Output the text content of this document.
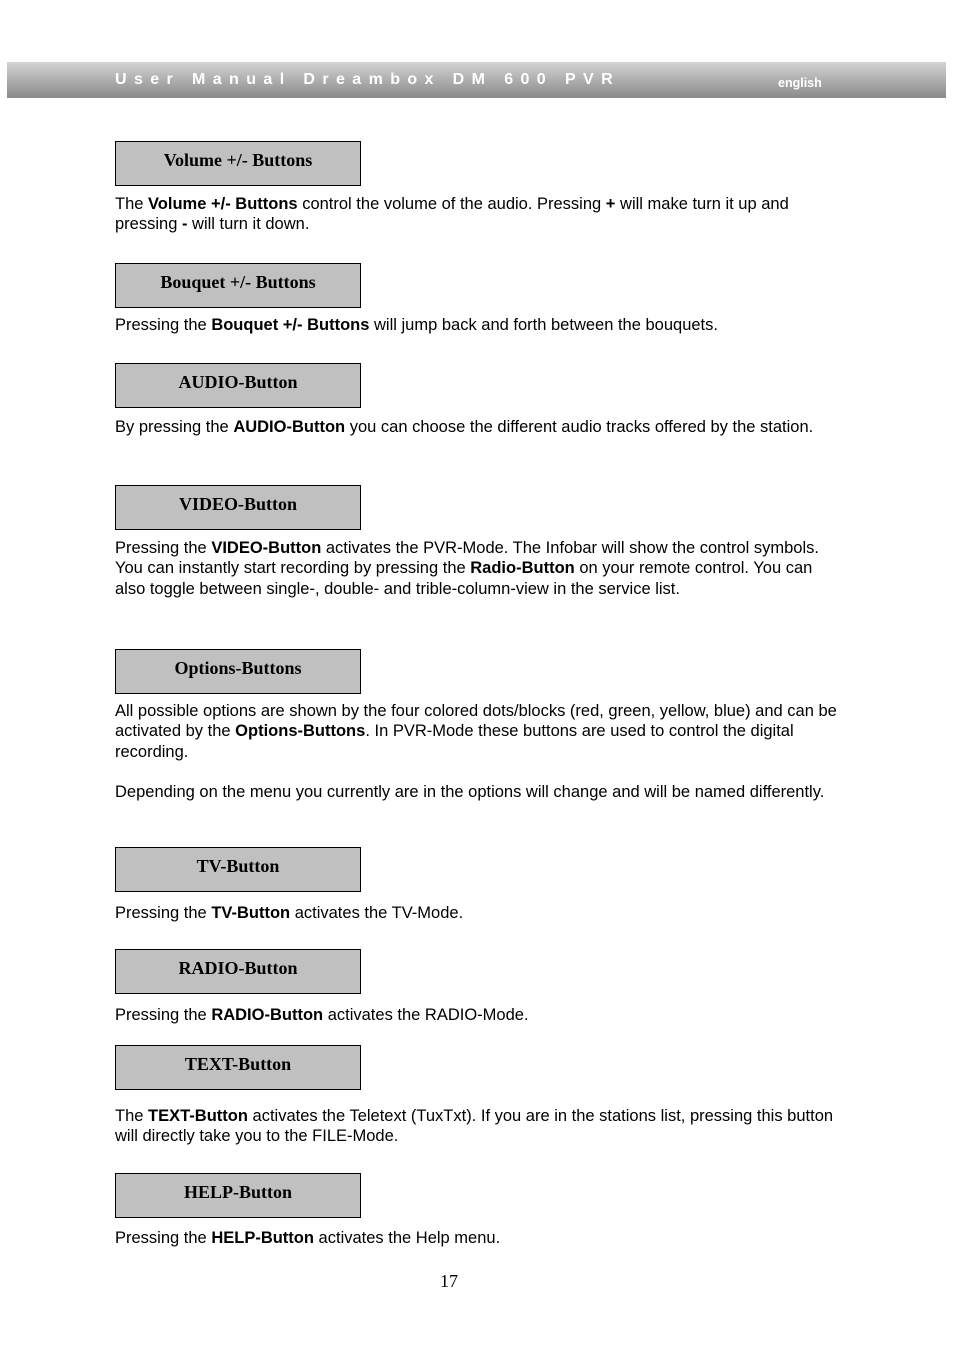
User Manual Dreambox DM 600 PVR	english
Volume +/- Buttons

The Volume +/- Buttons control the volume of the audio. Pressing + will make turn it up and pressing - will turn it down.

Bouquet +/- Buttons

Pressing the Bouquet +/- Buttons will jump back and forth between the bouquets.

AUDIO-Button

By pressing the AUDIO-Button you can choose the different audio tracks offered by the station.

VIDEO-Button

Pressing the VIDEO-Button activates the PVR-Mode. The Infobar will show the control symbols. You can instantly start recording by pressing the Radio-Button on your remote control. You can also toggle between single-, double- and trible-column-view in the service list.

Options-Buttons

All possible options are shown by the four colored dots/blocks (red, green, yellow, blue) and can be activated by the Options-Buttons. In PVR-Mode these buttons are used to control the digital recording.

Depending on the menu you currently are in the options will change and will be named differently.

TV-Button

Pressing the TV-Button activates the TV-Mode.

RADIO-Button

Pressing the RADIO-Button activates the RADIO-Mode.

TEXT-Button

The TEXT-Button activates the Teletext (TuxTxt). If you are in the stations list, pressing this button will directly take you to the FILE-Mode.

HELP-Button

Pressing the HELP-Button activates the Help menu.

17
